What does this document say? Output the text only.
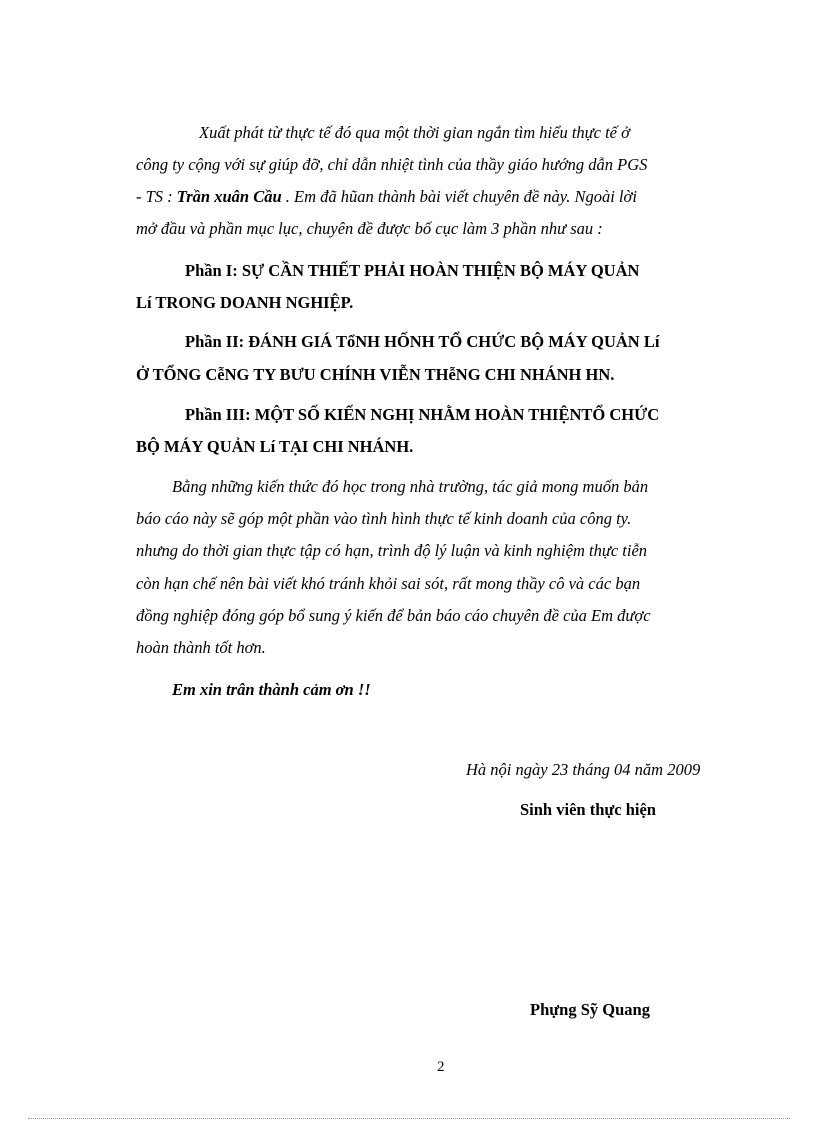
Xuất phát từ thực tế đó qua một thời gian ngắn tìm hiểu thực tế ở

công ty cộng với sự giúp đỡ, chỉ dẫn nhiệt tình của thầy giáo hướng dẫn PGS

- TS : Trần xuân Cầu . Em đã hũan thành bài viết chuyên đề này. Ngoài lời

mở đầu và phần mục lục, chuyên đề được bố cục làm 3 phần như sau :

Phần I: SỰ CẦN THIẾT PHẢI HOÀN THIỆN BỘ MÁY QUẢN

Lí TRONG DOANH NGHIỆP.

Phần II: ĐÁNH GIÁ TổNH HỐNH TỔ CHỨC BỘ MÁY QUẢN Lí

Ở TỔNG CễNG TY BƯU CHÍNH VIỄN THễNG CHI NHÁNH HN.

Phần III: MỘT SỐ KIẾN NGHỊ NHẰM HOÀN THIỆNTỔ CHỨC

BỘ MÁY QUẢN Lí TẠI CHI NHÁNH.

Bằng những kiến thức đó học trong nhà trường, tác giả mong muốn bản

báo cáo này sẽ góp một phần vào tình hình thực tế kinh doanh của công ty.

nhưng do thời gian thực tập có hạn, trình độ lý luận và kinh nghiệm thực tiễn

còn hạn chế nên bài viết khó tránh khỏi sai sót, rất mong thầy cô và các bạn

đồng nghiệp đóng góp bổ sung ý kiến để bản báo cáo chuyên đề của Em được

hoàn thành tốt hơn.

Em xin trân thành cảm ơn !!

Hà nội ngày 23 tháng 04 năm 2009

Sinh viên thực hiện

Phựng Sỹ Quang

2
